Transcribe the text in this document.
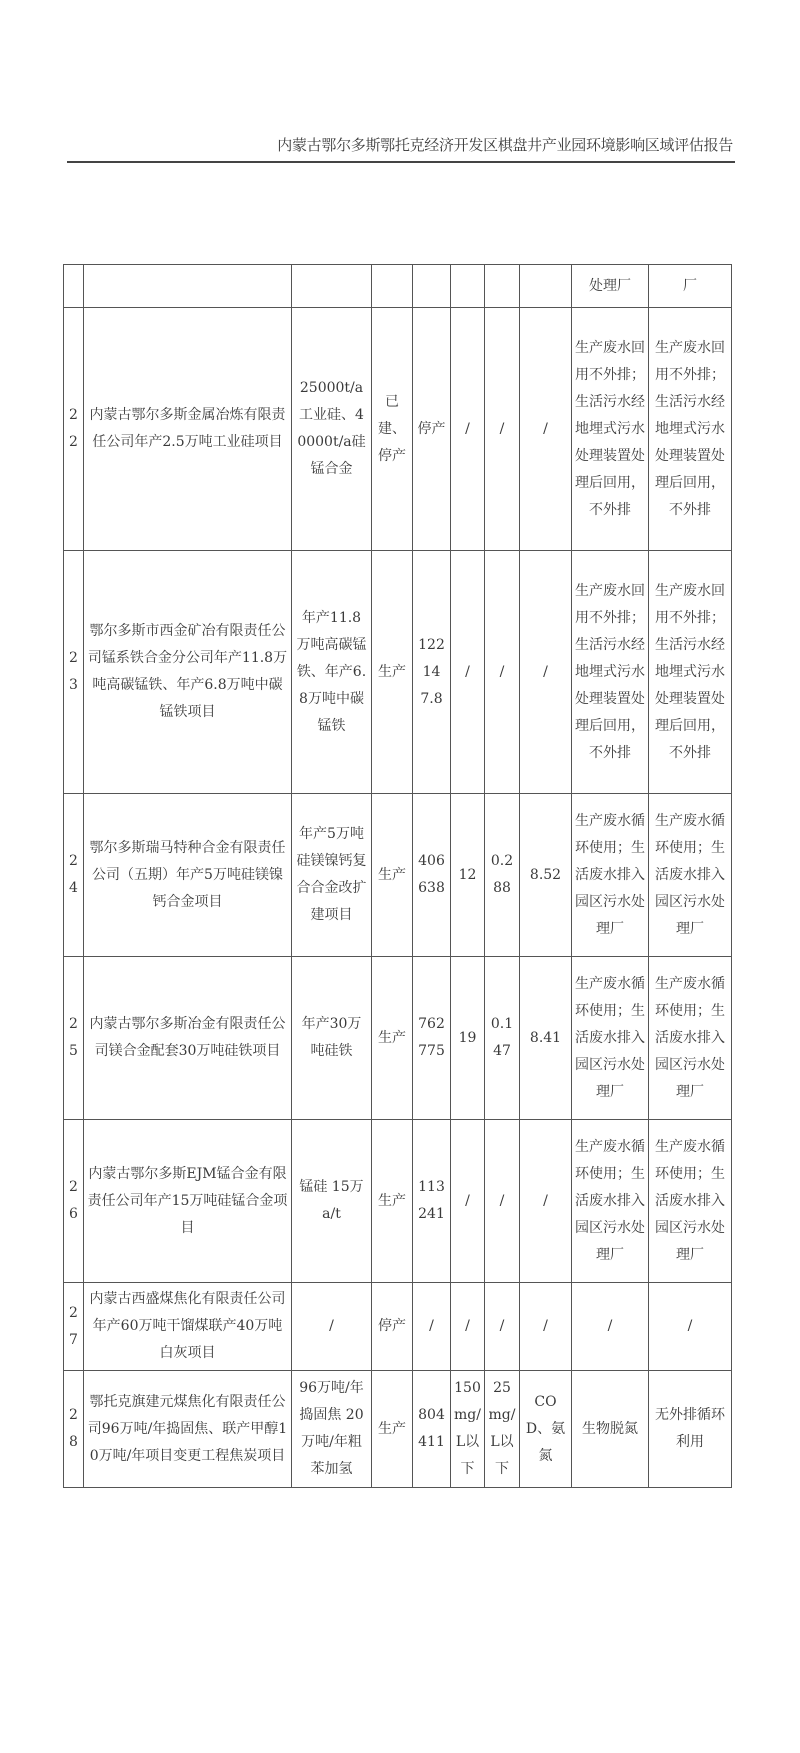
内蒙古鄂尔多斯鄂托克经济开发区棋盘井产业园环境影响区域评估报告
								处理厂	厂
22	内蒙古鄂尔多斯金属冶炼有限责任公司年产2.5万吨工业硅项目	25000t/a工业硅、40000t/a硅锰合金	已建、停产	停产	/	/	/	生产废水回用不外排；生活污水经地埋式污水处理装置处理后回用，不外排	生产废水回用不外排；生活污水经地埋式污水处理装置处理后回用，不外排
23	鄂尔多斯市西金矿冶有限责任公司锰系铁合金分公司年产11.8万吨高碳锰铁、年产6.8万吨中碳锰铁项目	年产11.8万吨高碳锰铁、年产6.8万吨中碳锰铁	生产	122147.8	/	/	/	生产废水回用不外排；生活污水经地埋式污水处理装置处理后回用，不外排	生产废水回用不外排；生活污水经地埋式污水处理装置处理后回用，不外排
24	鄂尔多斯瑞马特种合金有限责任公司（五期）年产5万吨硅镁镍钙合金项目	年产5万吨硅镁镍钙复合合金改扩建项目	生产	406638	12	0.288	8.52	生产废水循环使用；生活废水排入园区污水处理厂	生产废水循环使用；生活废水排入园区污水处理厂
25	内蒙古鄂尔多斯冶金有限责任公司镁合金配套30万吨硅铁项目	年产30万吨硅铁	生产	762775	19	0.147	8.41	生产废水循环使用；生活废水排入园区污水处理厂	生产废水循环使用；生活废水排入园区污水处理厂
26	内蒙古鄂尔多斯EJM锰合金有限责任公司年产15万吨硅锰合金项目	锰硅 15万a/t	生产	113241	/	/	/	生产废水循环使用；生活废水排入园区污水处理厂	生产废水循环使用；生活废水排入园区污水处理厂
27	内蒙古西盛煤焦化有限责任公司年产60万吨干馏煤联产40万吨白灰项目	/	停产	/	/	/	/	/	/
28	鄂托克旗建元煤焦化有限责任公司96万吨/年捣固焦、联产甲醇10万吨/年项目变更工程焦炭项目	96万吨/年捣固焦 20万吨/年粗苯加氢	生产	804411	150mg/L以下	25mg/L以下	COD、氨氮	生物脱氮	无外排循环利用
